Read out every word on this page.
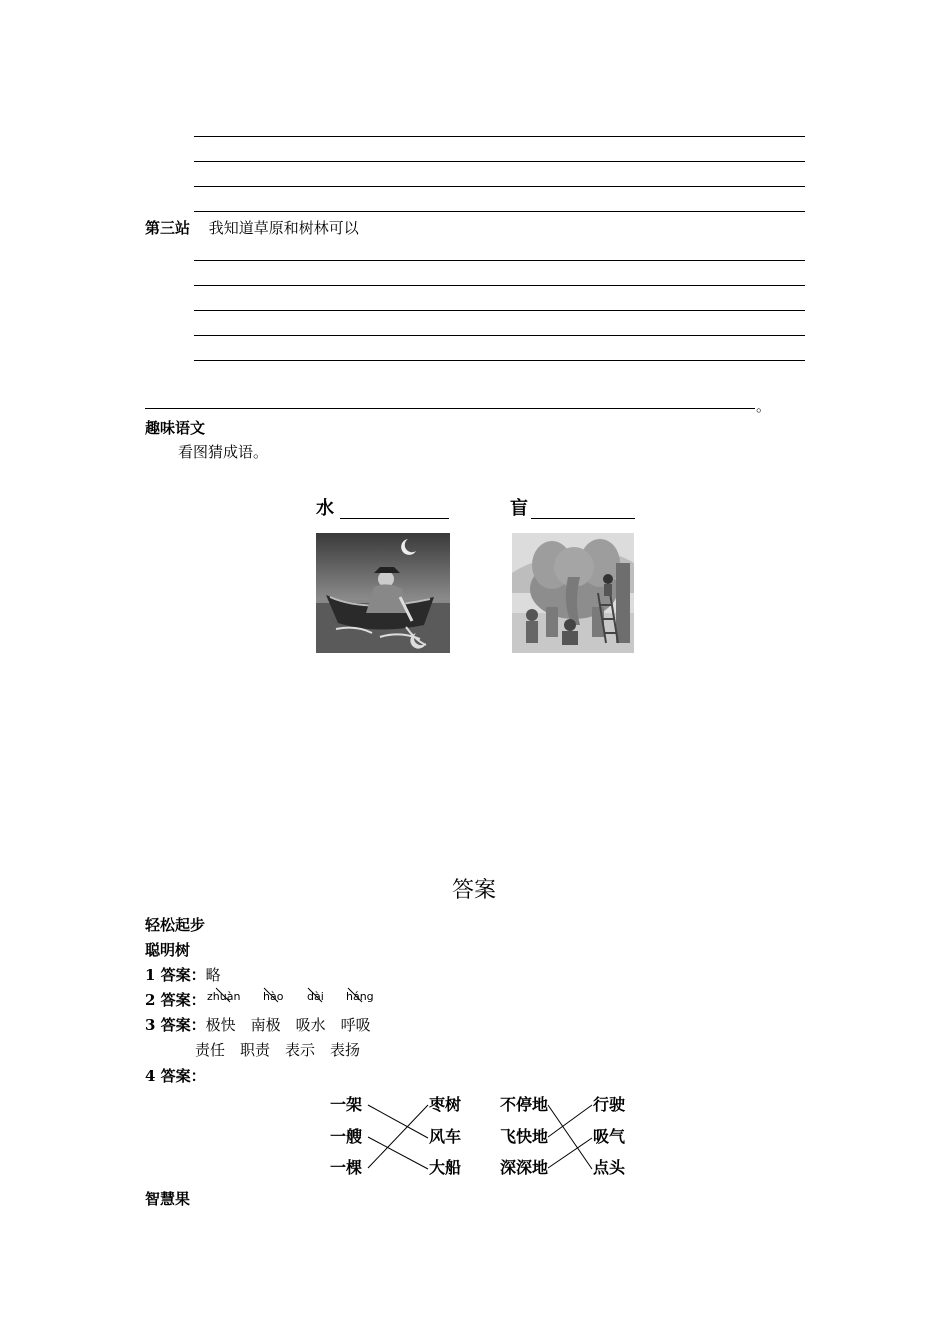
第三站 我知道草原和树林可以
。
趣味语文
看图猜成语。
水	盲
答案
轻松起步
聪明树
1 答案：略
2 答案： zhuàn hào dài háng
3 答案：极快　南极　吸水　呼吸
责任　职责　表示　表扬
4 答案：
一架
一艘
一棵
枣树
风车
大船
不停地
飞快地
深深地
行驶
吸气
点头
智慧果
